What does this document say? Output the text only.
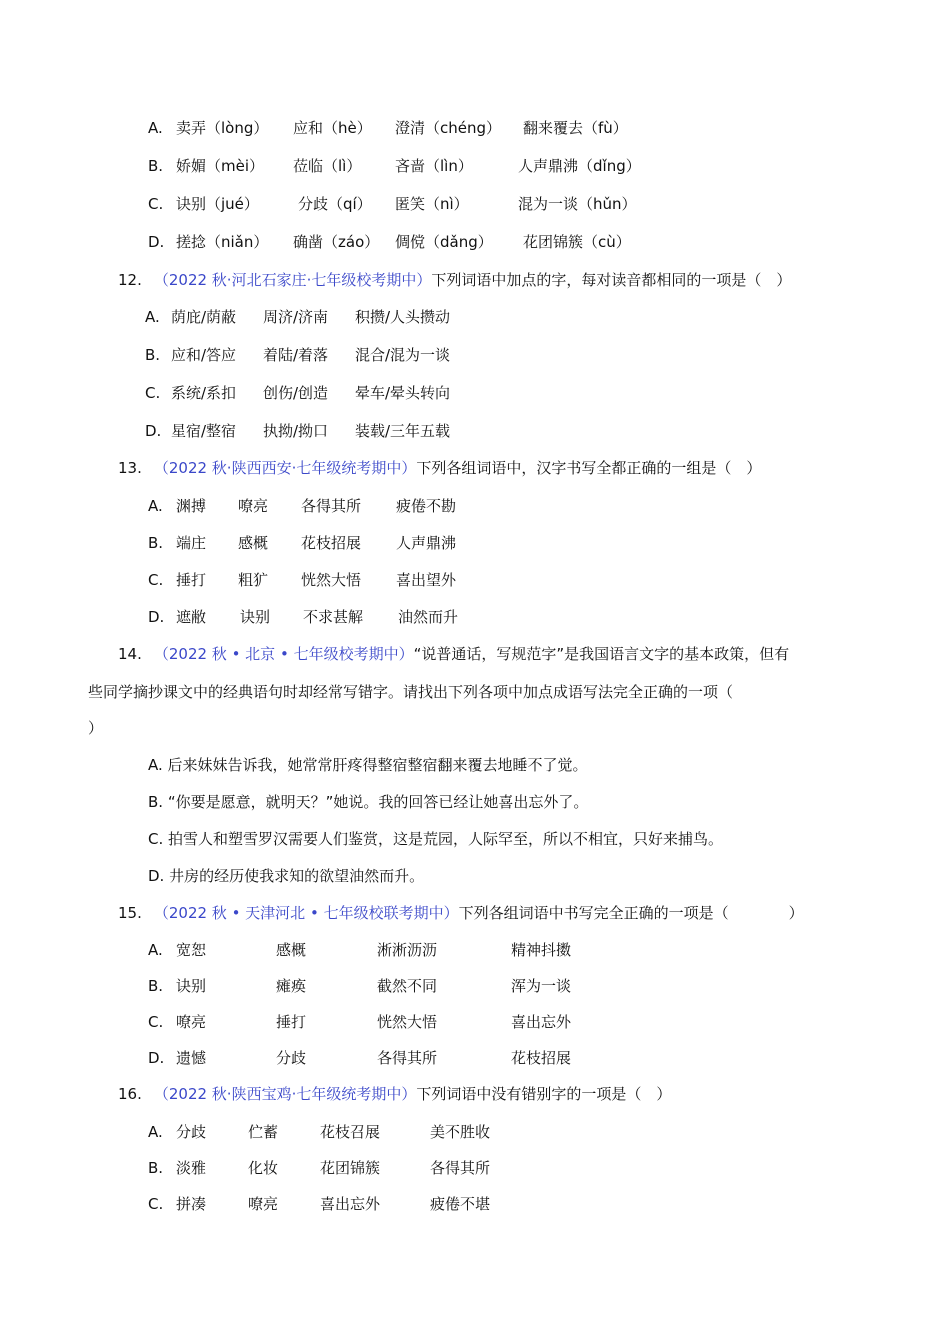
A. 卖弄（lòng） 应和（hè） 澄清（chéng） 翻来覆去（fù）
B. 娇媚（mèi） 莅临（lì） 吝啬（lìn）	人声鼎沸（dǐng）
C. 诀别（jué）	分歧（qí） 匿笑（nì）	混为一谈（hǔn）
D. 搓捻（niǎn） 确凿（záo） 倜傥（dǎng） 花团锦簇（cù）
12. （2022 秋·河北石家庄·七年级校考期中）下列词语中加点的字，每对读音都相同的一项是（　）
A. 荫庇/荫蔽 周济/济南 积攒/人头攒动
B. 应和/答应 着陆/着落 混合/混为一谈
C. 系统/系扣 创伤/创造 晕车/晕头转向
D. 星宿/整宿 执拗/拗口 装载/三年五载
13. （2022 秋·陕西西安·七年级统考期中）下列各组词语中，汉字书写全都正确的一组是（　）
A. 渊搏 嘹亮 各得其所 疲倦不勘
B. 端庄 感概 花枝招展 人声鼎沸
C. 捶打 粗犷 恍然大悟 喜出望外
D. 遮敝 诀别 不求甚解 油然而升
14. （2022 秋 • 北京 • 七年级校考期中）“说普通话，写规范字”是我国语言文字的基本政策，但有
些同学摘抄课文中的经典语句时却经常写错字。请找出下列各项中加点成语写法完全正确的一项（
）
A. 后来妹妹告诉我，她常常肝疼得整宿整宿翻来覆去地睡不了觉。
B. “你要是愿意，就明天？”她说。我的回答已经让她喜出忘外了。
C. 拍雪人和塑雪罗汉需要人们鉴赏，这是荒园，人际罕至，所以不相宜，只好来捕鸟。
D. 井房的经历使我求知的欲望油然而升。
15. （2022 秋 • 天津河北 • 七年级校联考期中）下列各组词语中书写完全正确的一项是（　　　　）
A. 宽恕	感概	淅淅沥沥	精神抖擞
B. 诀别	瘫痪	截然不同	浑为一谈
C. 嘹亮	捶打	恍然大悟	喜出忘外
D. 遗憾	分歧	各得其所	花枝招展
16. （2022 秋·陕西宝鸡·七年级统考期中）下列词语中没有错别字的一项是（　）
A. 分歧	伫蓄	花枝召展	美不胜收
B. 淡雅	化妆	花团锦簇	各得其所
C. 拼凑	嘹亮	喜出忘外	疲倦不堪
